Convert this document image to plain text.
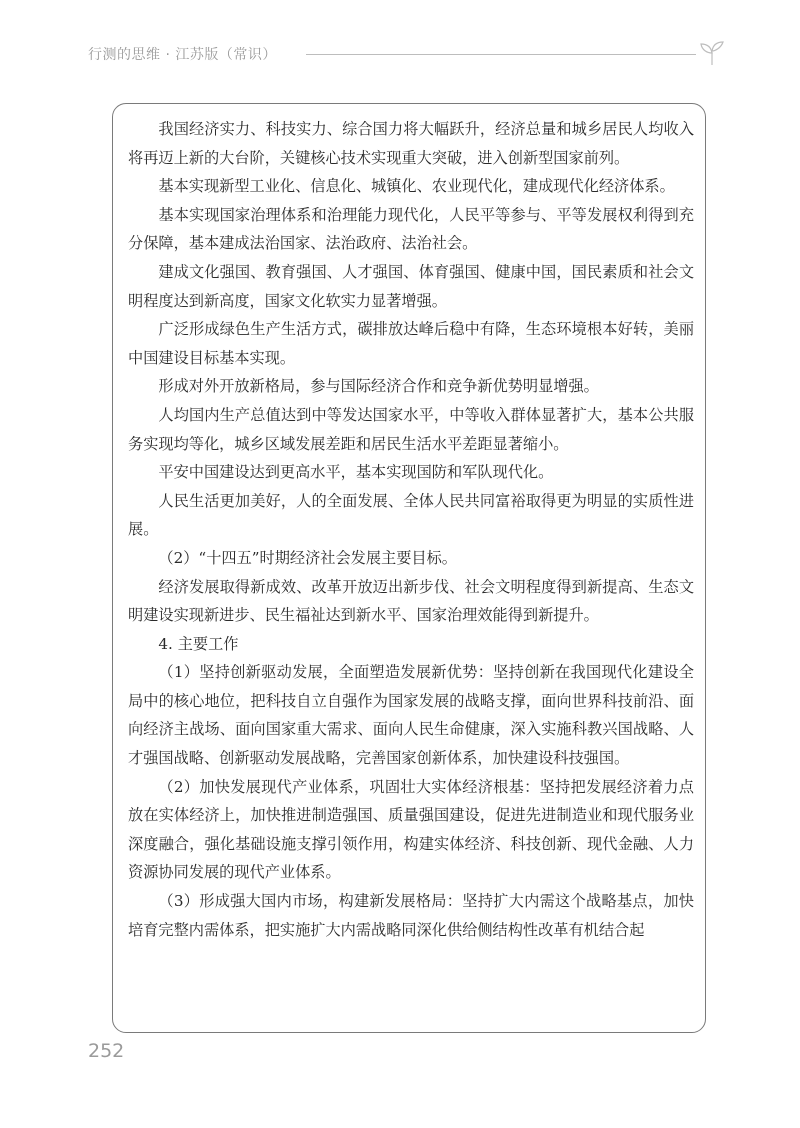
行测的思维 · 江苏版（常识）

我国经济实力、科技实力、综合国力将大幅跃升，经济总量和城乡居民人均收入将再迈上新的大台阶，关键核心技术实现重大突破，进入创新型国家前列。

基本实现新型工业化、信息化、城镇化、农业现代化，建成现代化经济体系。

基本实现国家治理体系和治理能力现代化，人民平等参与、平等发展权利得到充分保障，基本建成法治国家、法治政府、法治社会。

建成文化强国、教育强国、人才强国、体育强国、健康中国，国民素质和社会文明程度达到新高度，国家文化软实力显著增强。

广泛形成绿色生产生活方式，碳排放达峰后稳中有降，生态环境根本好转，美丽中国建设目标基本实现。

形成对外开放新格局，参与国际经济合作和竞争新优势明显增强。

人均国内生产总值达到中等发达国家水平，中等收入群体显著扩大，基本公共服务实现均等化，城乡区域发展差距和居民生活水平差距显著缩小。

平安中国建设达到更高水平，基本实现国防和军队现代化。

人民生活更加美好，人的全面发展、全体人民共同富裕取得更为明显的实质性进展。

（2）“十四五”时期经济社会发展主要目标。

经济发展取得新成效、改革开放迈出新步伐、社会文明程度得到新提高、生态文明建设实现新进步、民生福祉达到新水平、国家治理效能得到新提升。

4. 主要工作

（1）坚持创新驱动发展，全面塑造发展新优势：坚持创新在我国现代化建设全局中的核心地位，把科技自立自强作为国家发展的战略支撑，面向世界科技前沿、面向经济主战场、面向国家重大需求、面向人民生命健康，深入实施科教兴国战略、人才强国战略、创新驱动发展战略，完善国家创新体系，加快建设科技强国。

（2）加快发展现代产业体系，巩固壮大实体经济根基：坚持把发展经济着力点放在实体经济上，加快推进制造强国、质量强国建设，促进先进制造业和现代服务业深度融合，强化基础设施支撑引领作用，构建实体经济、科技创新、现代金融、人力资源协同发展的现代产业体系。

（3）形成强大国内市场，构建新发展格局：坚持扩大内需这个战略基点，加快培育完整内需体系，把实施扩大内需战略同深化供给侧结构性改革有机结合起

252
